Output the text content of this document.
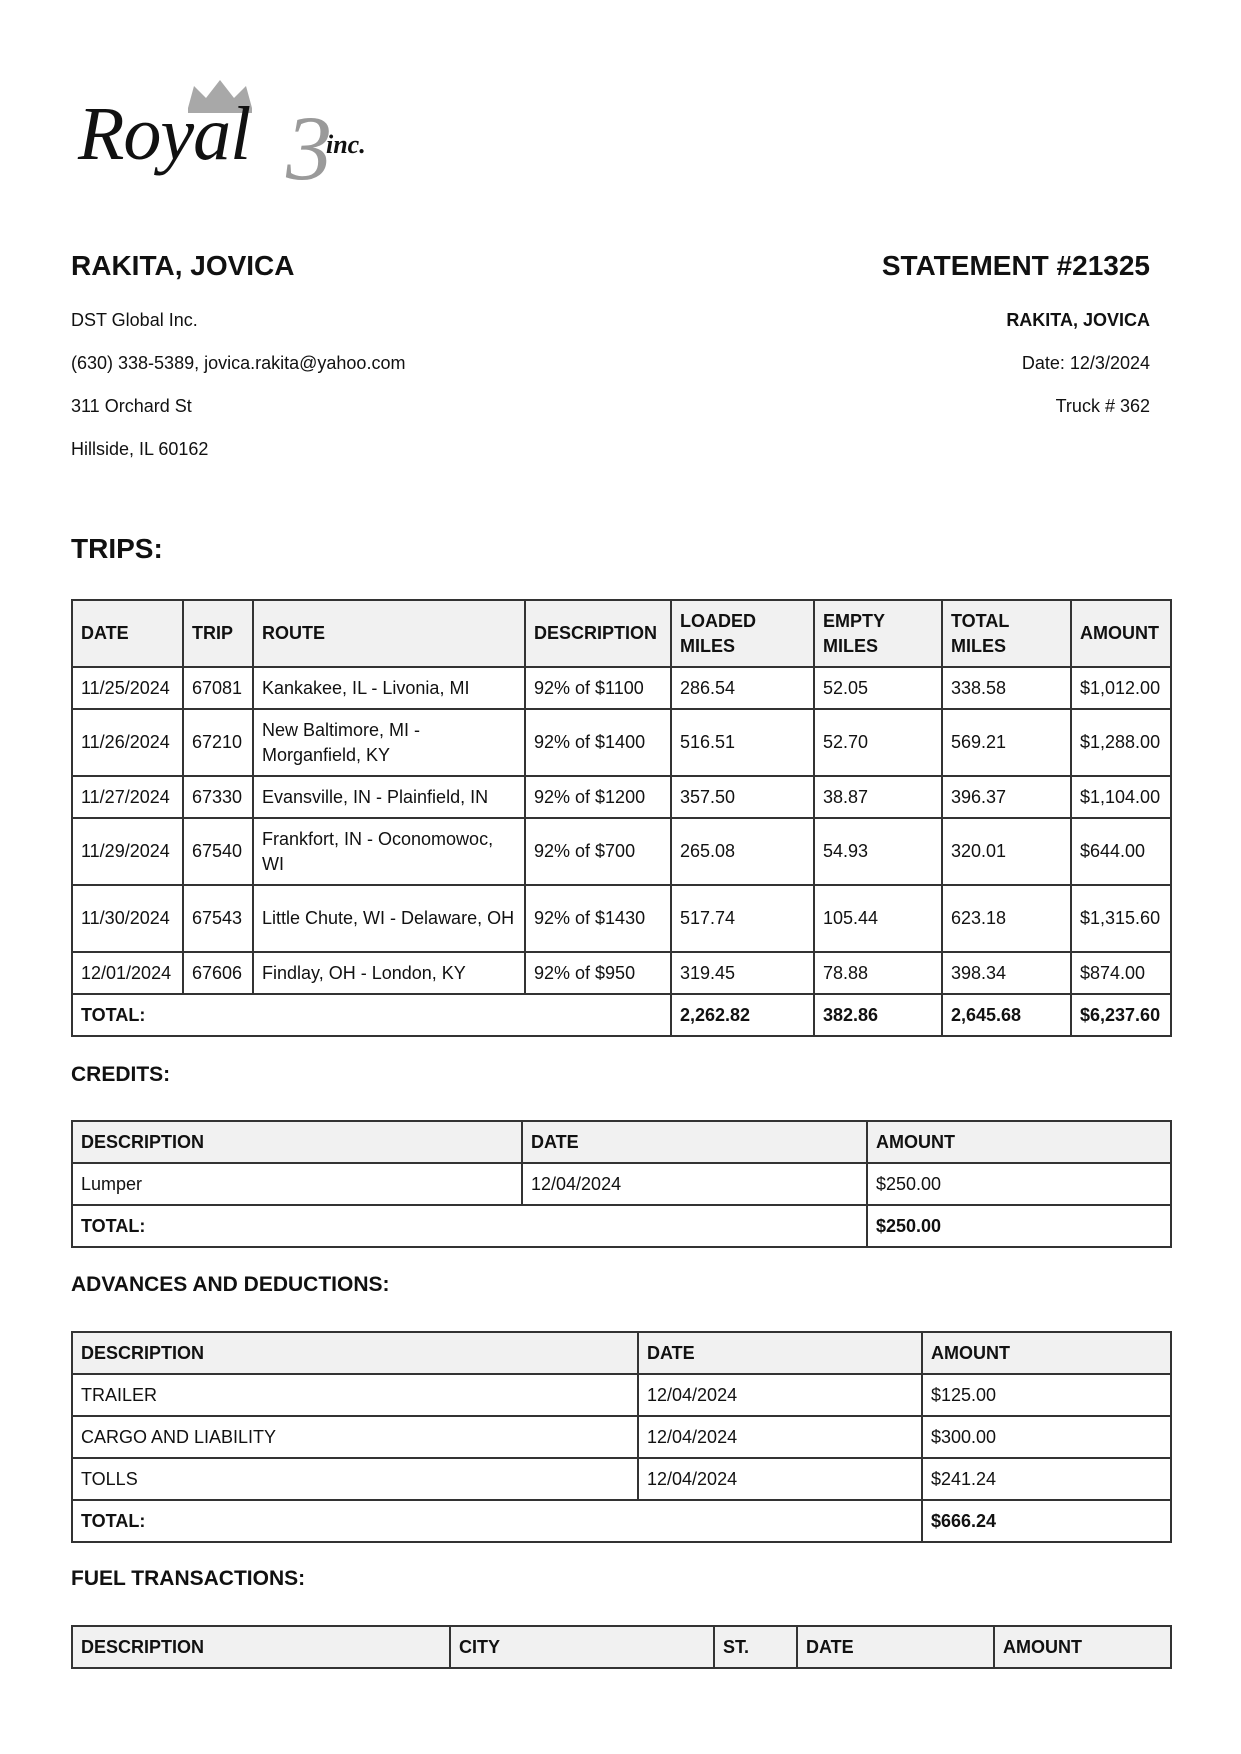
Royal 3
inc.
RAKITA, JOVICA	STATEMENT #21325
DST Global Inc.
(630) 338-5389, jovica.rakita@yahoo.com
311 Orchard St
Hillside, IL 60162
RAKITA, JOVICA
Date: 12/3/2024
Truck # 362
TRIPS:
DATE	TRIP	ROUTE	DESCRIPTION	LOADED MILES	EMPTY MILES	TOTAL MILES	AMOUNT
11/25/2024	67081	Kankakee, IL - Livonia, MI	92% of $1100	286.54	52.05	338.58	$1,012.00
11/26/2024	67210	New Baltimore, MI - Morganfield, KY	92% of $1400	516.51	52.70	569.21	$1,288.00
11/27/2024	67330	Evansville, IN - Plainfield, IN	92% of $1200	357.50	38.87	396.37	$1,104.00
11/29/2024	67540	Frankfort, IN - Oconomowoc, WI	92% of $700	265.08	54.93	320.01	$644.00
11/30/2024	67543	Little Chute, WI - Delaware, OH	92% of $1430	517.74	105.44	623.18	$1,315.60
12/01/2024	67606	Findlay, OH - London, KY	92% of $950	319.45	78.88	398.34	$874.00
TOTAL:				2,262.82	382.86	2,645.68	$6,237.60
CREDITS:
DESCRIPTION	DATE	AMOUNT
Lumper	12/04/2024	$250.00
TOTAL:		$250.00
ADVANCES AND DEDUCTIONS:
DESCRIPTION	DATE	AMOUNT
TRAILER	12/04/2024	$125.00
CARGO AND LIABILITY	12/04/2024	$300.00
TOLLS	12/04/2024	$241.24
TOTAL:		$666.24
FUEL TRANSACTIONS:
DESCRIPTION	CITY	ST.	DATE	AMOUNT
